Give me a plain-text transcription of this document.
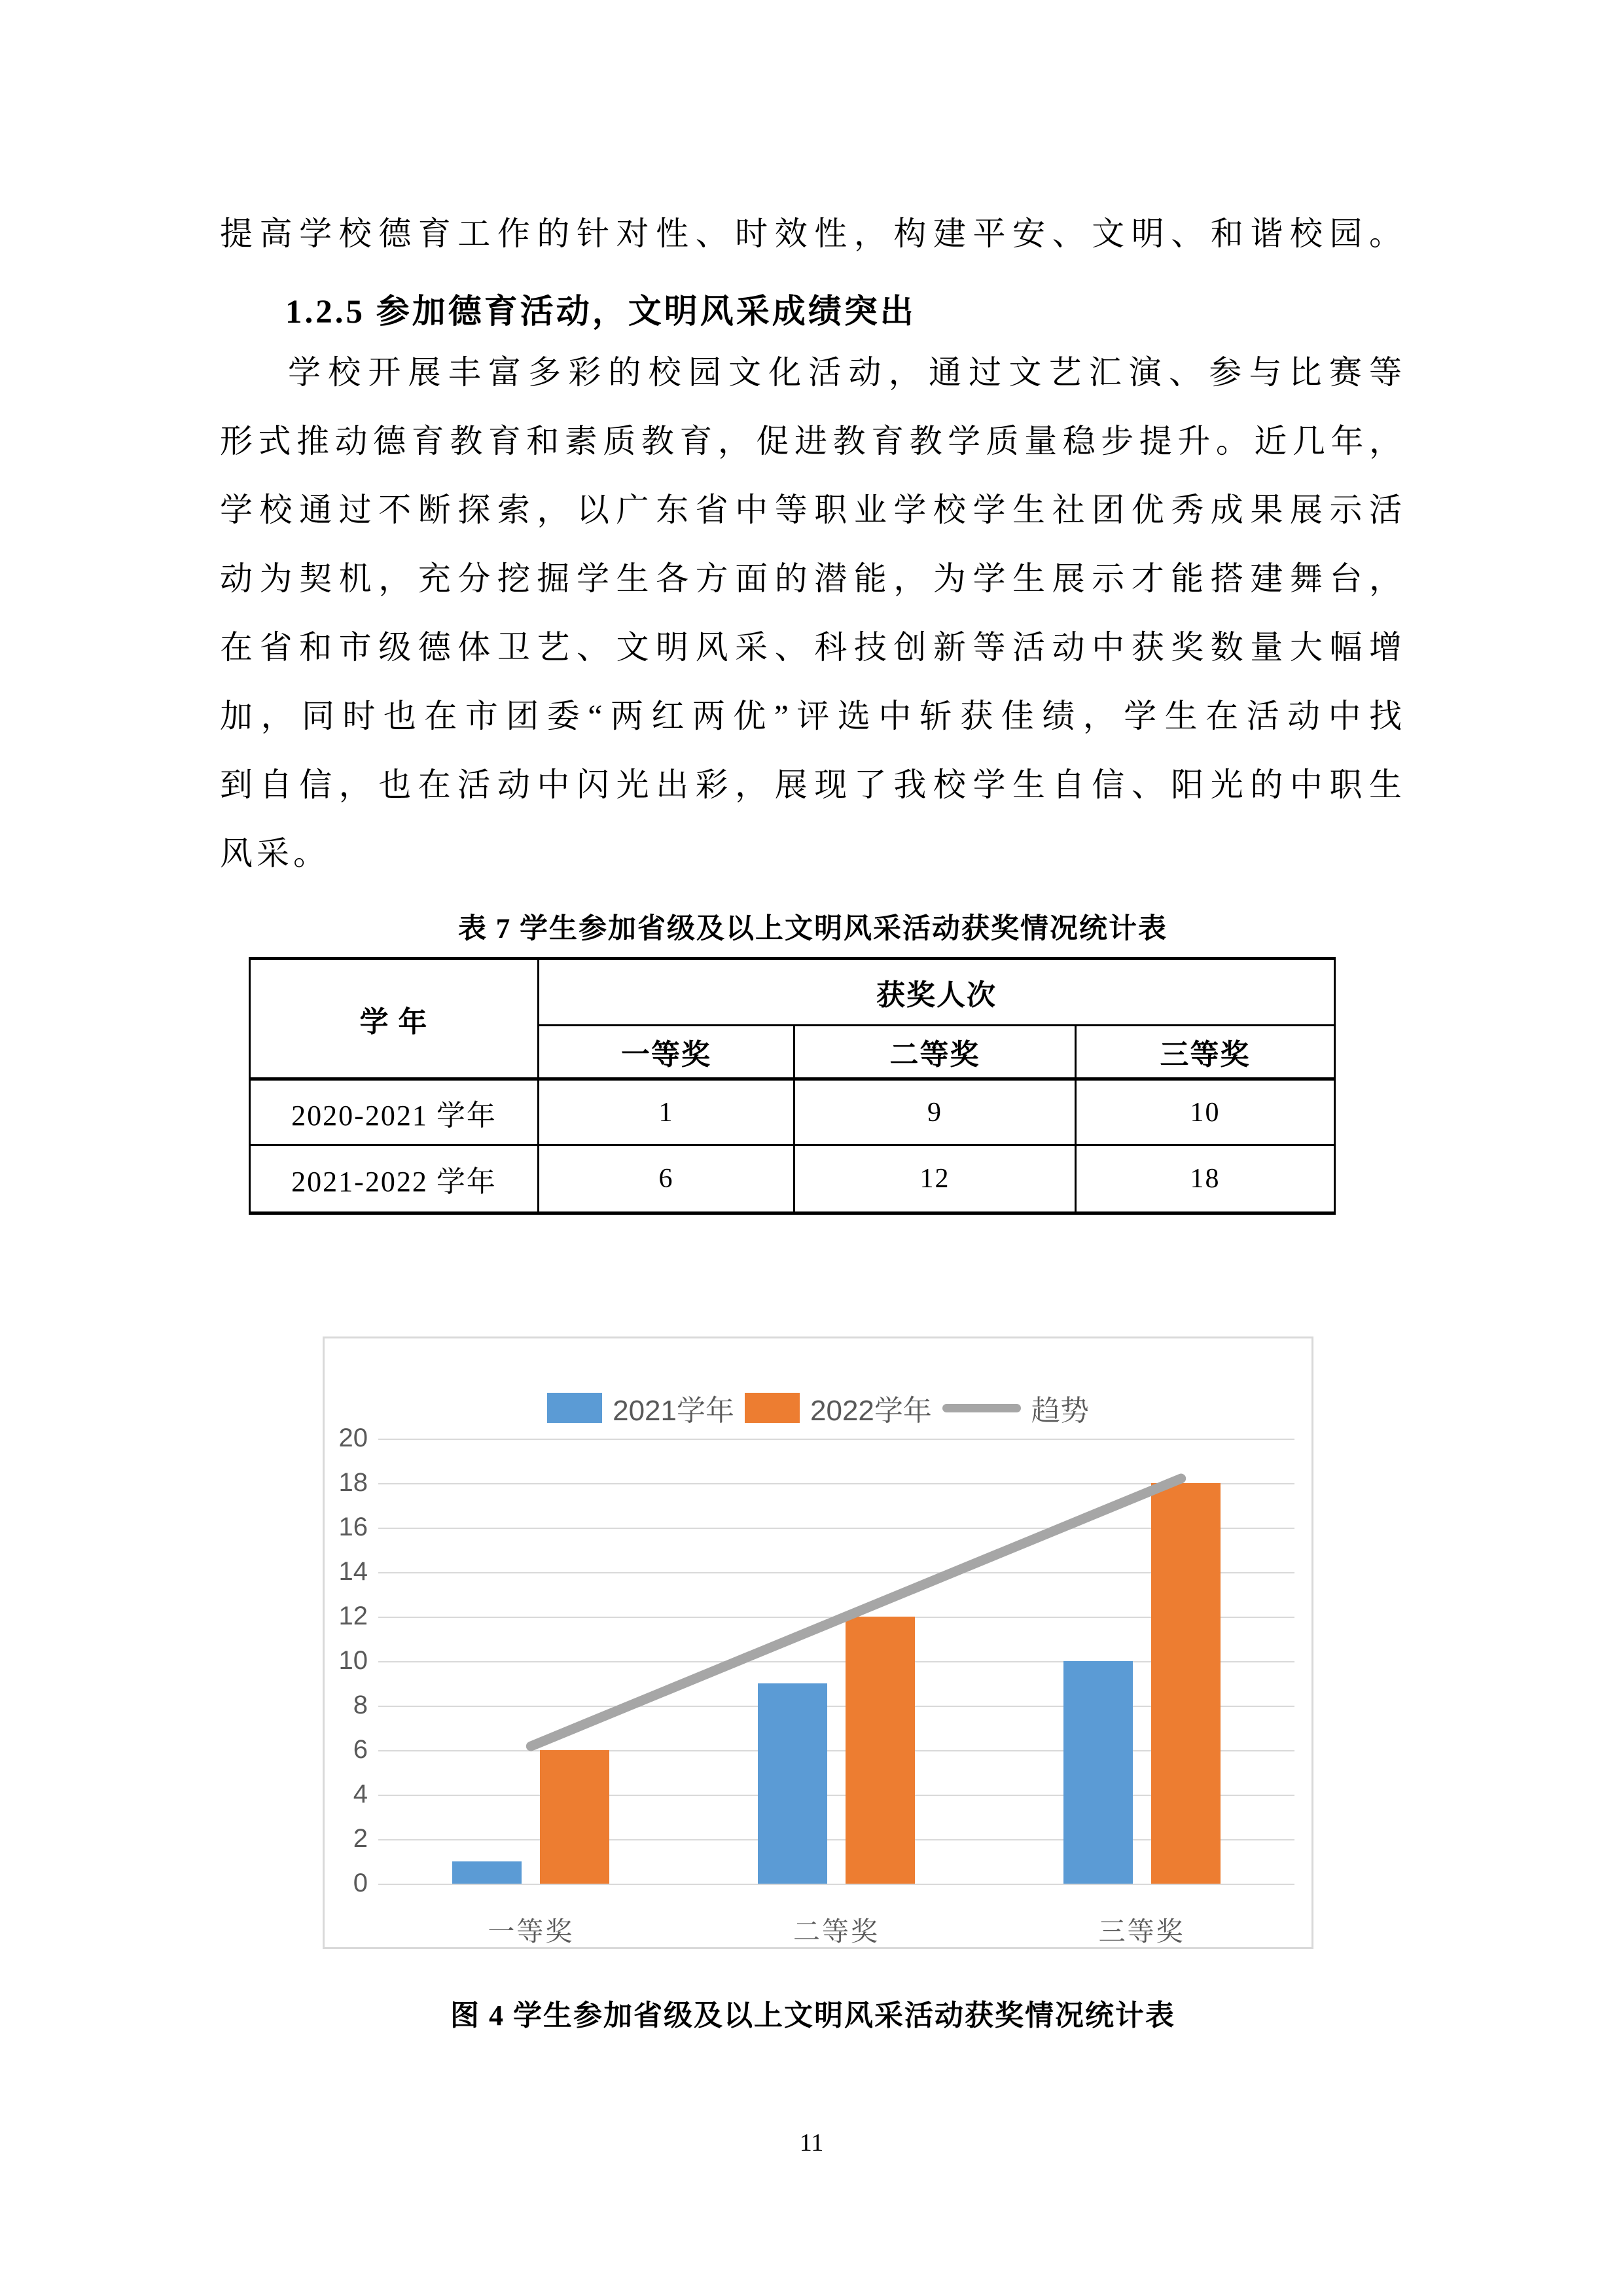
提高学校德育工作的针对性、时效性，构建平安、文明、和谐校园。
1.2.5 参加德育活动，文明风采成绩突出
学校开展丰富多彩的校园文化活动，通过文艺汇演、参与比赛等
形式推动德育教育和素质教育，促进教育教学质量稳步提升。近几年，
学校通过不断探索，以广东省中等职业学校学生社团优秀成果展示活
动为契机，充分挖掘学生各方面的潜能，为学生展示才能搭建舞台，
在省和市级德体卫艺、文明风采、科技创新等活动中获奖数量大幅增
加，同时也在市团委“两红两优”评选中斩获佳绩，学生在活动中找
到自信，也在活动中闪光出彩，展现了我校学生自信、阳光的中职生
风采。
表 7 学生参加省级及以上文明风采活动获奖情况统计表
学 年	获奖人次		
	一等奖	二等奖	三等奖
2020-2021 学年	1	9	10
2021-2022 学年	6	12	18
2021学年	2022学年	趋势
0
2
4
6
8
10
12
14
16
18
20
一等奖	二等奖	三等奖
图 4 学生参加省级及以上文明风采活动获奖情况统计表
11
